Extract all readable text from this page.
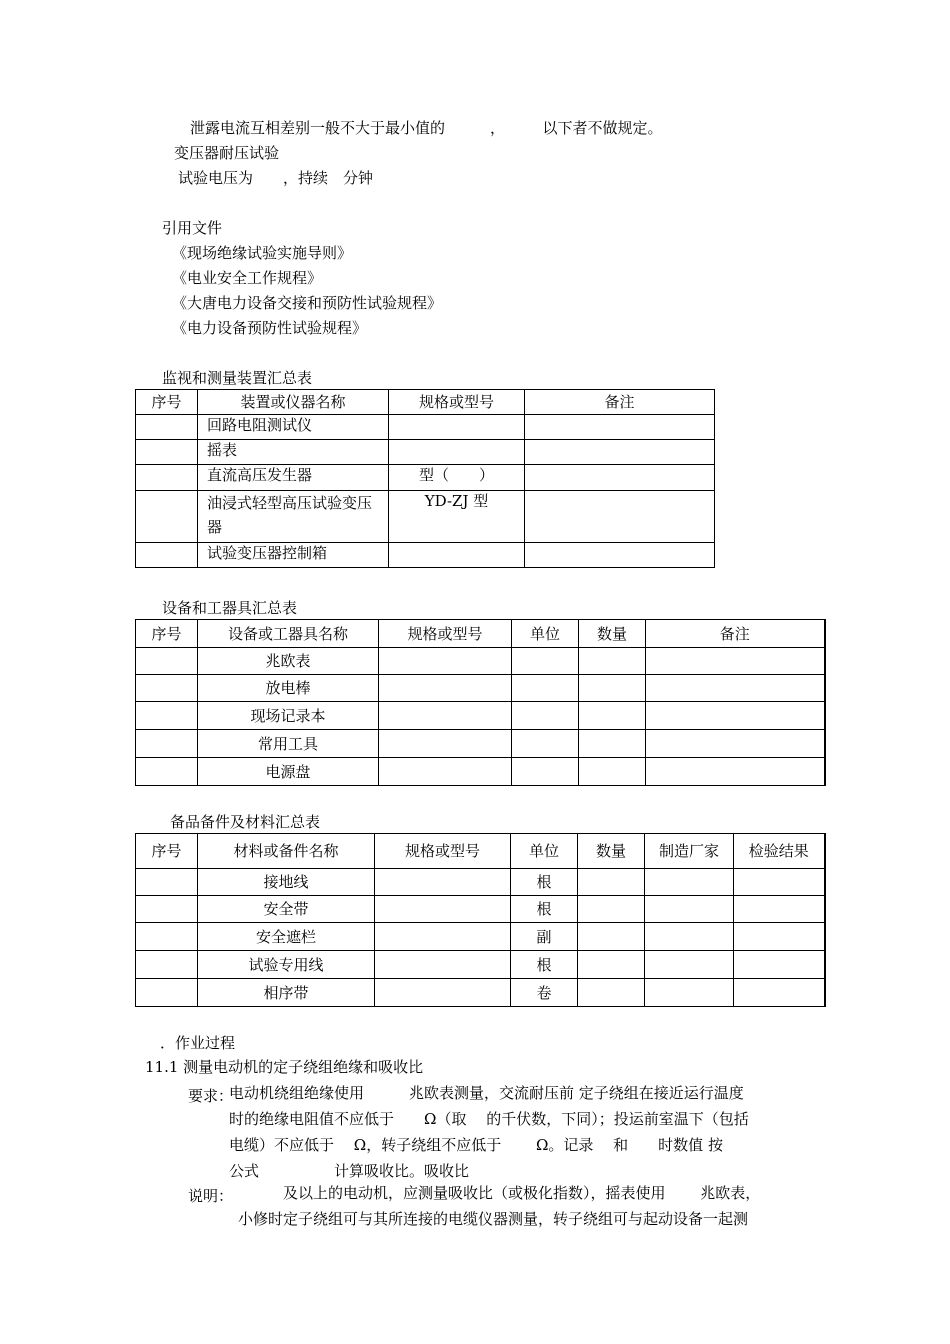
泄露电流互相差别一般不大于最小值的　　　，　　　以下者不做规定。
变压器耐压试验
试验电压为　　，持续　分钟
引用文件
《现场绝缘试验实施导则》
《电业安全工作规程》
《大唐电力设备交接和预防性试验规程》
《电力设备预防性试验规程》
监视和测量装置汇总表
序号	装置或仪器名称	规格或型号	备注
	回路电阻测试仪		
	摇表		
	直流高压发生器	型（　　）	
	油浸式轻型高压试验变压器	YD-ZJ 型	
	试验变压器控制箱		
设备和工器具汇总表
序号	设备或工器具名称	规格或型号	单位	数量	备注
	兆欧表				
	放电棒				
	现场记录本				
	常用工具				
	电源盘				
备品备件及材料汇总表
序号	材料或备件名称	规格或型号	单位	数量	制造厂家	检验结果
	接地线		根			
	安全带		根			
	安全遮栏		副			
	试验专用线		根			
	相序带		卷			
．作业过程
11.1 测量电动机的定子绕组绝缘和吸收比
要求：
电动机绕组绝缘使用　　　兆欧表测量，交流耐压前 定子绕组在接近运行温度
时的绝缘电阻值不应低于　　Ω（取　 的千伏数，下同）；投运前室温下（包括
电缆）不应低于　 Ω，转子绕组不应低于　　 Ω。记录　 和　　时数值 按
公式　　　　　计算吸收比。吸收比
说明： 　　　及以上的电动机，应测量吸收比（或极化指数），摇表使用　　 兆欧表，
小修时定子绕组可与其所连接的电缆仪器测量，转子绕组可与起动设备一起测
